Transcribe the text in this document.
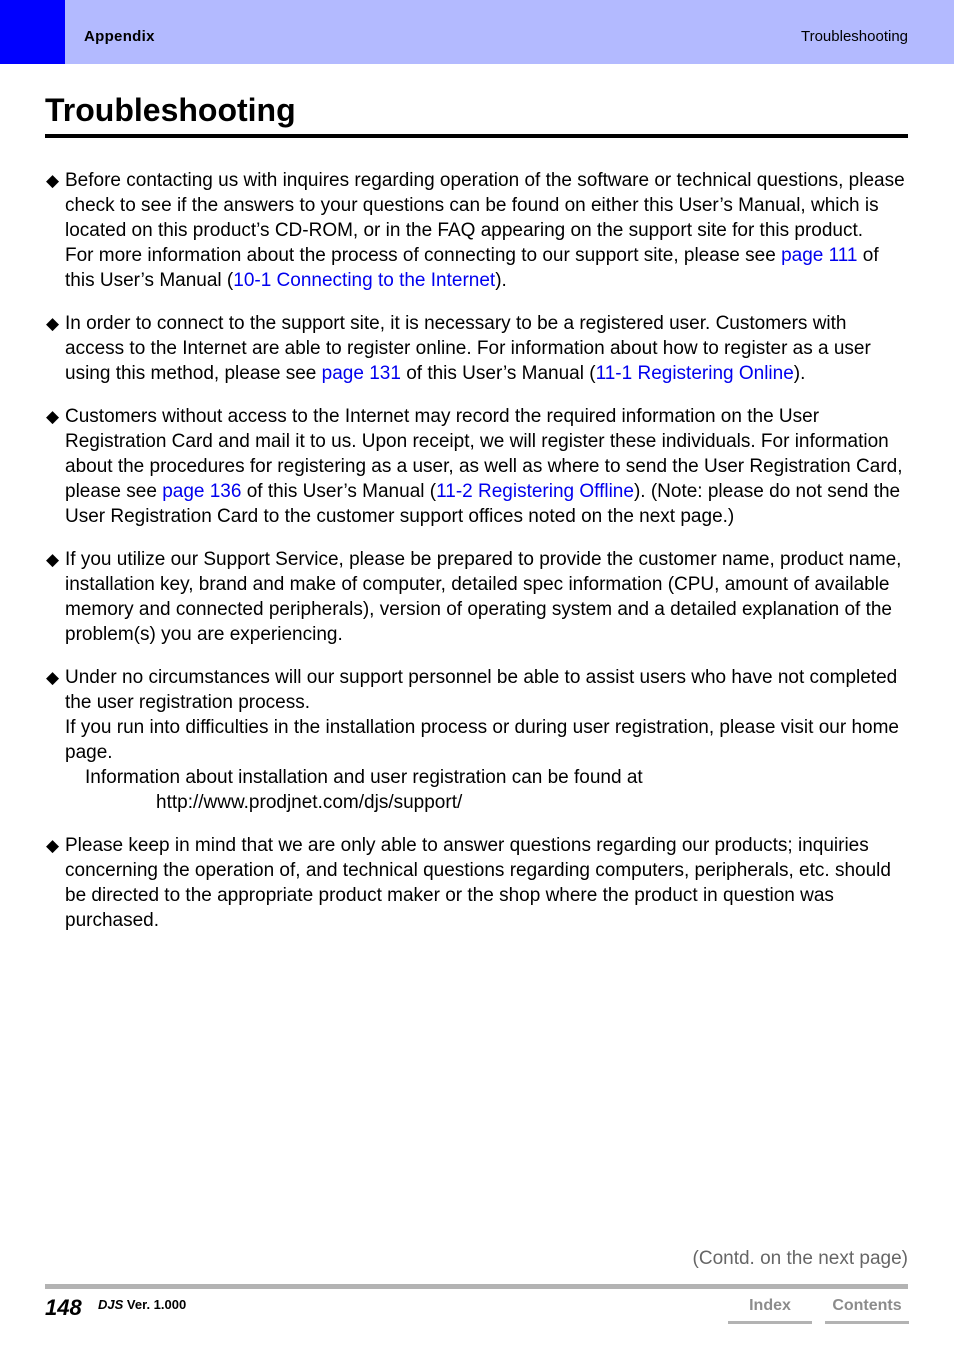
Appendix	Troubleshooting
Troubleshooting
◆ Before contacting us with inquires regarding operation of the software or technical questions, please check to see if the answers to your questions can be found on either this User’s Manual, which is located on this product’s CD-ROM, or in the FAQ appearing on the support site for this product.

For more information about the process of connecting to our support site, please see page 111 of this User’s Manual (10-1 Connecting to the Internet).

◆ In order to connect to the support site, it is necessary to be a registered user. Customers with access to the Internet are able to register online. For information about how to register as a user using this method, please see page 131 of this User’s Manual (11-1 Registering Online).

◆ Customers without access to the Internet may record the required information on the User Registration Card and mail it to us. Upon receipt, we will register these individuals. For information about the procedures for registering as a user, as well as where to send the User Registration Card, please see page 136 of this User’s Manual (11-2 Registering Offline). (Note: please do not send the User Registration Card to the customer support offices noted on the next page.)

◆ If you utilize our Support Service, please be prepared to provide the customer name, product name, installation key, brand and make of computer, detailed spec information (CPU, amount of available memory and connected peripherals), version of operating system and a detailed explanation of the problem(s) you are experiencing.

◆ Under no circumstances will our support personnel be able to assist users who have not completed the user registration process.

If you run into difficulties in the installation process or during user registration, please visit our home page.

Information about installation and user registration can be found at

http://www.prodjnet.com/djs/support/

◆ Please keep in mind that we are only able to answer questions regarding our products; inquiries concerning the operation of, and technical questions regarding computers, peripherals, etc. should be directed to the appropriate product maker or the shop where the product in question was purchased.

(Contd. on the next page)
148 DJS Ver. 1.000	Index	Contents
